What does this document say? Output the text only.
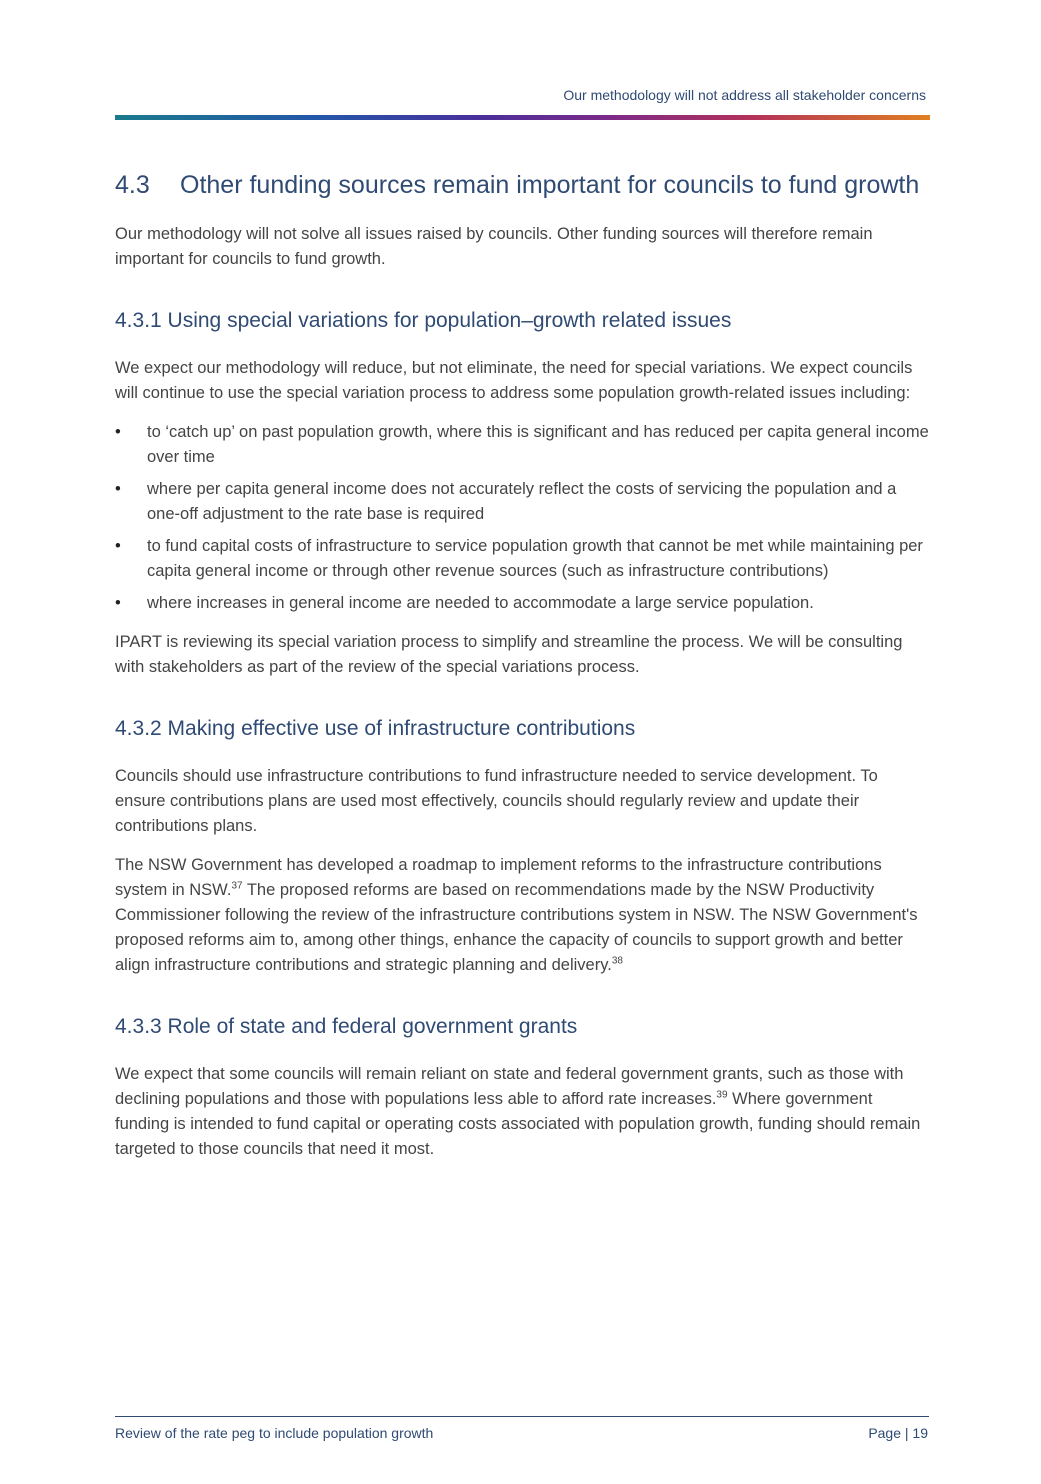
Our methodology will not address all stakeholder concerns
4.3	Other funding sources remain important for councils to fund growth

Our methodology will not solve all issues raised by councils. Other funding sources will therefore remain important for councils to fund growth.

4.3.1 Using special variations for population–growth related issues

We expect our methodology will reduce, but not eliminate, the need for special variations. We expect councils will continue to use the special variation process to address some population growth-related issues including:

• to ‘catch up’ on past population growth, where this is significant and has reduced per capita general income over time
• where per capita general income does not accurately reflect the costs of servicing the population and a one-off adjustment to the rate base is required
• to fund capital costs of infrastructure to service population growth that cannot be met while maintaining per capita general income or through other revenue sources (such as infrastructure contributions)
• where increases in general income are needed to accommodate a large service population.

IPART is reviewing its special variation process to simplify and streamline the process. We will be consulting with stakeholders as part of the review of the special variations process.

4.3.2 Making effective use of infrastructure contributions

Councils should use infrastructure contributions to fund infrastructure needed to service development. To ensure contributions plans are used most effectively, councils should regularly review and update their contributions plans.

The NSW Government has developed a roadmap to implement reforms to the infrastructure contributions system in NSW.$^{37}$ The proposed reforms are based on recommendations made by the NSW Productivity Commissioner following the review of the infrastructure contributions system in NSW. The NSW Government's proposed reforms aim to, among other things, enhance the capacity of councils to support growth and better align infrastructure contributions and strategic planning and delivery.$^{38}$

4.3.3 Role of state and federal government grants

We expect that some councils will remain reliant on state and federal government grants, such as those with declining populations and those with populations less able to afford rate increases.$^{39}$ Where government funding is intended to fund capital or operating costs associated with population growth, funding should remain targeted to those councils that need it most.

Review of the rate peg to include population growth	Page | 19
